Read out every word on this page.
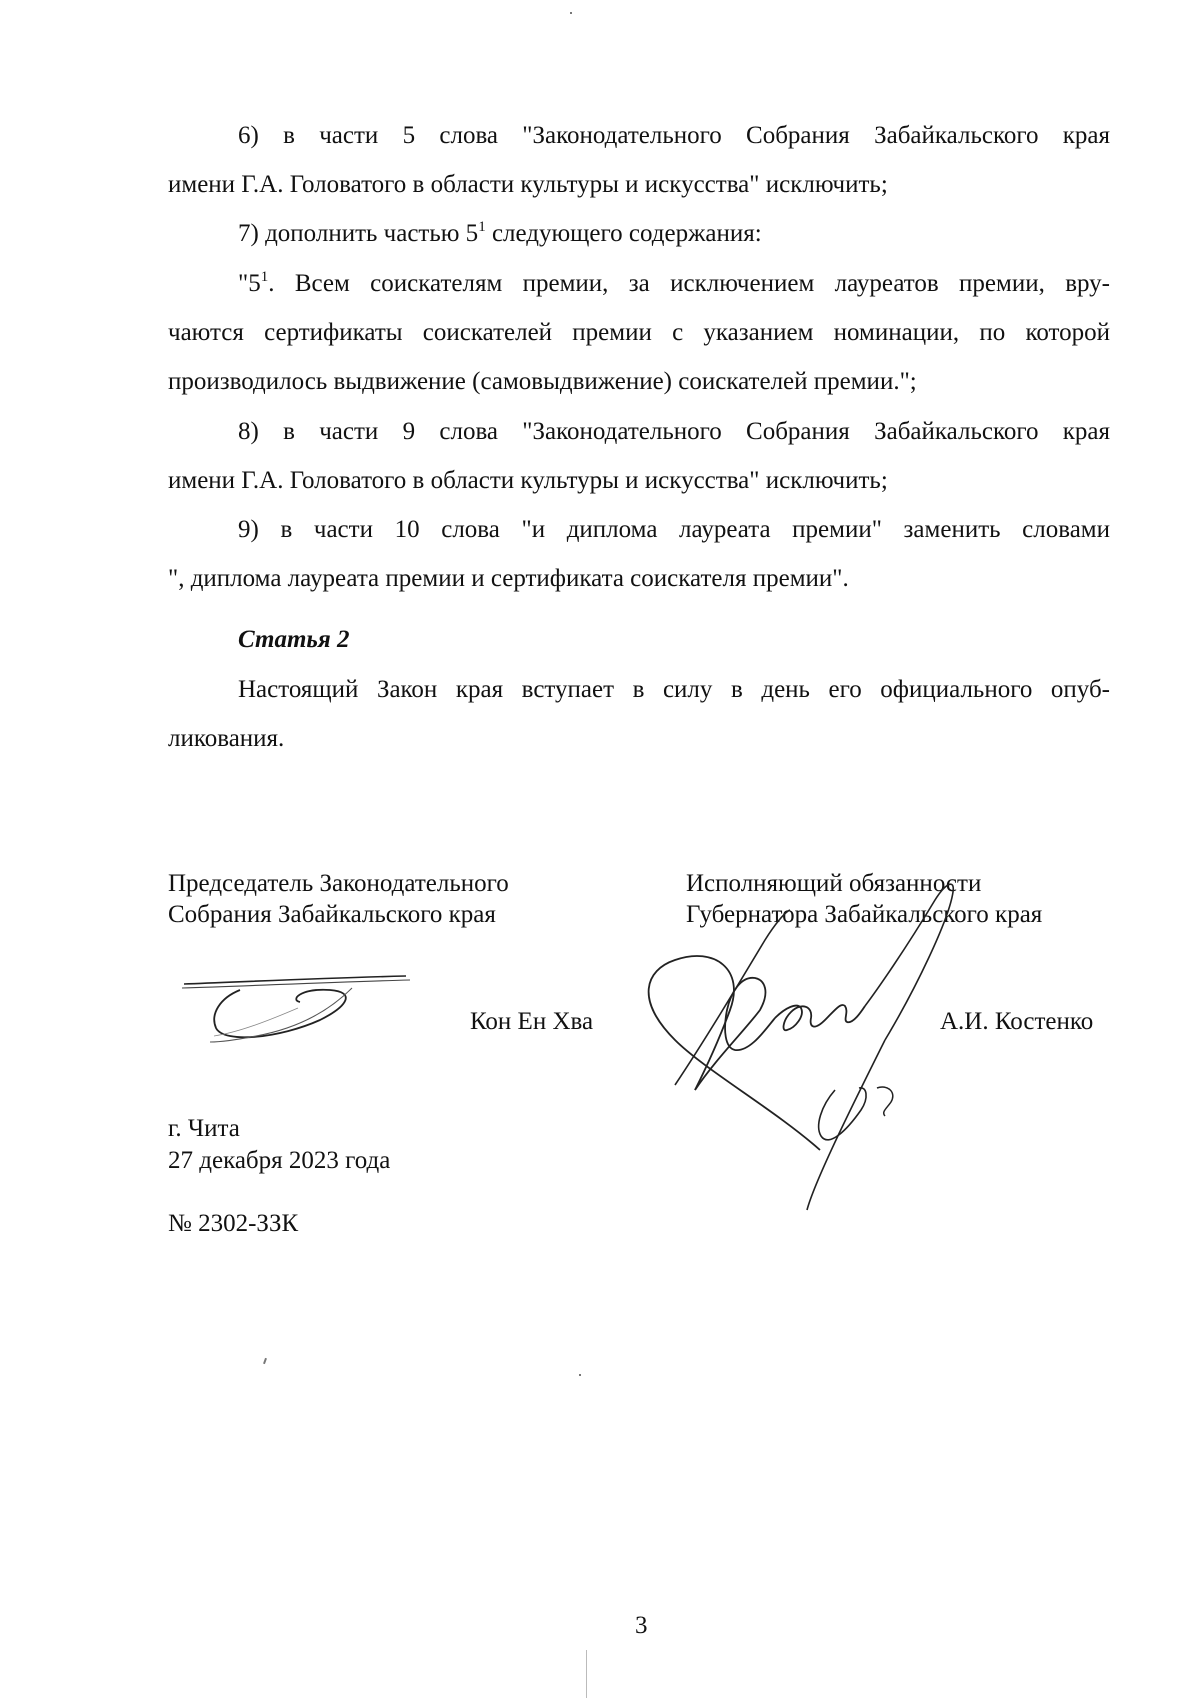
6) в части 5 слова "Законодательного Собрания Забайкальского края
имени Г.А. Головатого в области культуры и искусства" исключить;
7) дополнить частью $5^1$ следующего содержания:
"$5^1$. Всем соискателям премии, за исключением лауреатов премии, вру-
чаются сертификаты соискателей премии с указанием номинации, по которой
производилось выдвижение (самовыдвижение) соискателей премии.";
8) в части 9 слова "Законодательного Собрания Забайкальского края
имени Г.А. Головатого в области культуры и искусства" исключить;
9) в части 10 слова "и диплома лауреата премии" заменить словами
", диплома лауреата премии и сертификата соискателя премии".
Статья 2
Настоящий Закон края вступает в силу в день его официального опуб-
ликования.
Председатель Законодательного
Собрания Забайкальского края
Исполняющий обязанности
Губернатора Забайкальского края
Кон Ен Хва	А.И. Костенко
г. Чита
27 декабря 2023 года
№ 2302-ЗЗК
3
